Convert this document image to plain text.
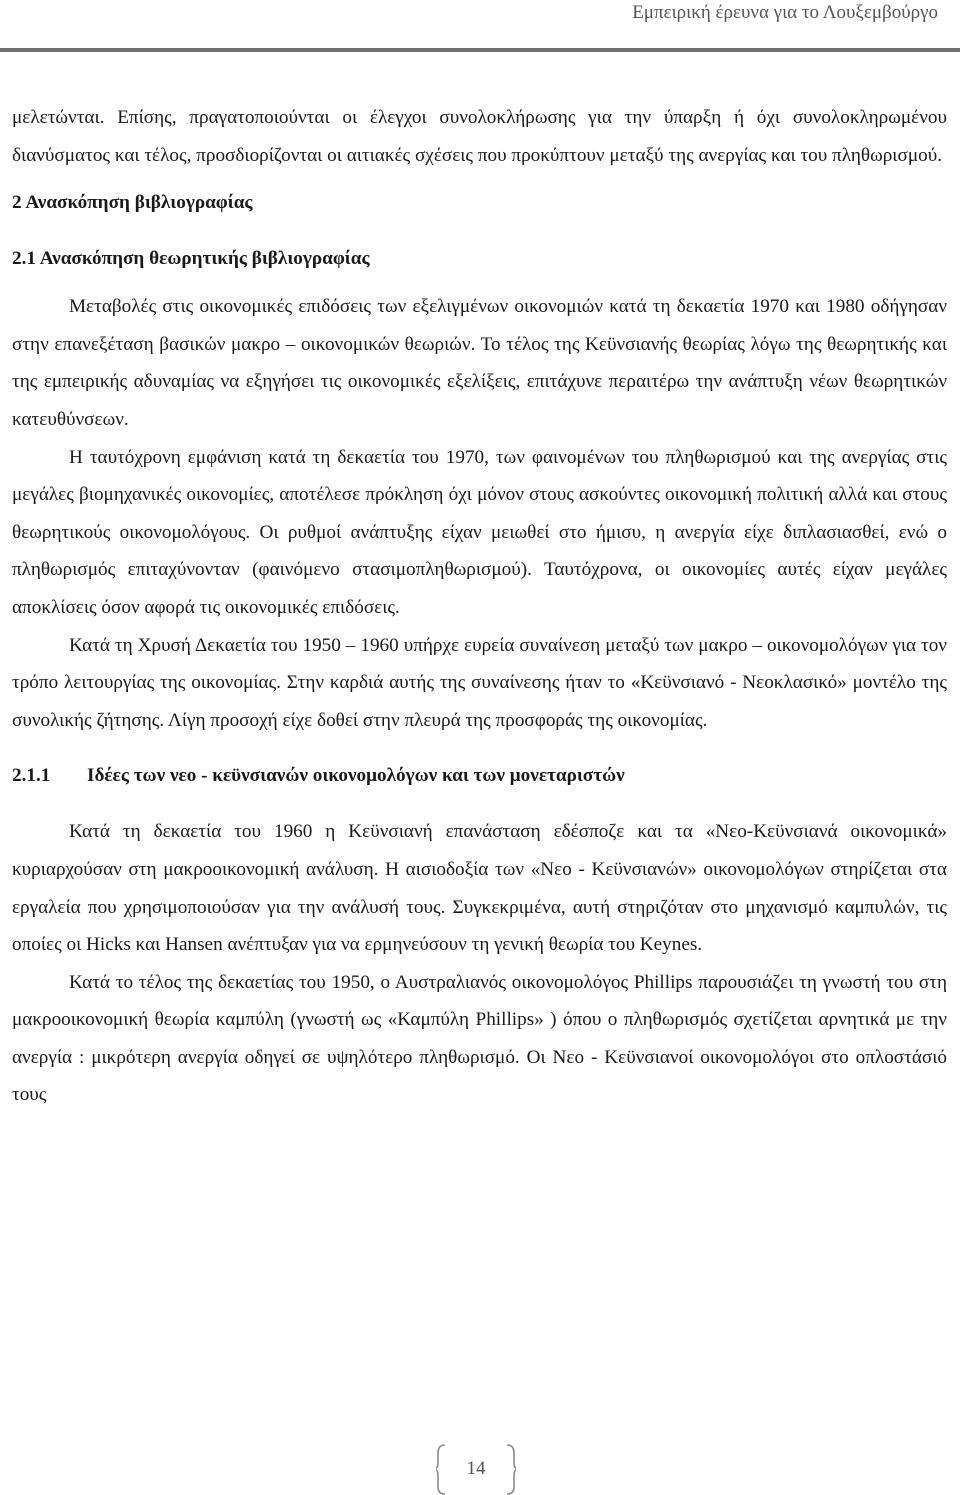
Εμπειρική έρευνα για το Λουξεμβούργο

μελετώνται. Επίσης, πραγατοποιούνται οι έλεγχοι συνολοκλήρωσης για την ύπαρξη ή όχι συνολοκληρωμένου διανύσματος και τέλος, προσδιορίζονται οι αιτιακές σχέσεις που προκύπτουν μεταξύ της ανεργίας και του πληθωρισμού.

2 Ανασκόπηση βιβλιογραφίας

2.1 Ανασκόπηση θεωρητικής βιβλιογραφίας

Μεταβολές στις οικονομικές επιδόσεις των εξελιγμένων οικονομιών κατά τη δεκαετία 1970 και 1980 οδήγησαν στην επανεξέταση βασικών μακρο – οικονομικών θεωριών. Το τέλος της Κεϋνσιανής θεωρίας λόγω της θεωρητικής και της εμπειρικής αδυναμίας να εξηγήσει τις οικονομικές εξελίξεις, επιτάχυνε περαιτέρω την ανάπτυξη νέων θεωρητικών κατευθύνσεων.

Η ταυτόχρονη εμφάνιση κατά τη δεκαετία του 1970, των φαινομένων του πληθωρισμού και της ανεργίας στις μεγάλες βιομηχανικές οικονομίες, αποτέλεσε πρόκληση όχι μόνον στους ασκούντες οικονομική πολιτική αλλά και στους θεωρητικούς οικονομολόγους. Οι ρυθμοί ανάπτυξης είχαν μειωθεί στο ήμισυ, η ανεργία είχε διπλασιασθεί, ενώ ο πληθωρισμός επιταχύνονταν (φαινόμενο στασιμοπληθωρισμού). Ταυτόχρονα, οι οικονομίες αυτές είχαν μεγάλες αποκλίσεις όσον αφορά τις οικονομικές επιδόσεις.

Κατά τη Χρυσή Δεκαετία του 1950 – 1960 υπήρχε ευρεία συναίνεση μεταξύ των μακρο – οικονομολόγων για τον τρόπο λειτουργίας της οικονομίας. Στην καρδιά αυτής της συναίνεσης ήταν το «Κεϋνσιανό - Νεοκλασικό» μοντέλο της συνολικής ζήτησης. Λίγη προσοχή είχε δοθεί στην πλευρά της προσφοράς της οικονομίας.

2.1.1 Ιδέες των νεο - κεϋνσιανών οικονομολόγων και των μονεταριστών

Κατά τη δεκαετία του 1960 η Κεϋνσιανή επανάσταση εδέσποζε και τα «Νεο-Κεϋνσιανά οικονομικά» κυριαρχούσαν στη μακροοικονομική ανάλυση. Η αισιοδοξία των «Νεο - Κεϋνσιανών» οικονομολόγων στηρίζεται στα εργαλεία που χρησιμοποιούσαν για την ανάλυσή τους. Συγκεκριμένα, αυτή στηριζόταν στο μηχανισμό καμπυλών, τις οποίες οι Hicks και Hansen ανέπτυξαν για να ερμηνεύσουν τη γενική θεωρία του Keynes.

Κατά το τέλος της δεκαετίας του 1950, ο Αυστραλιανός οικονομολόγος Phillips παρουσιάζει τη γνωστή του στη μακροοικονομική θεωρία καμπύλη (γνωστή ως «Καμπύλη Phillips» ) όπου ο πληθωρισμός σχετίζεται αρνητικά με την ανεργία : μικρότερη ανεργία οδηγεί σε υψηλότερο πληθωρισμό. Οι Νεο - Κεϋνσιανοί οικονομολόγοι στο οπλοστάσιό τους

14
